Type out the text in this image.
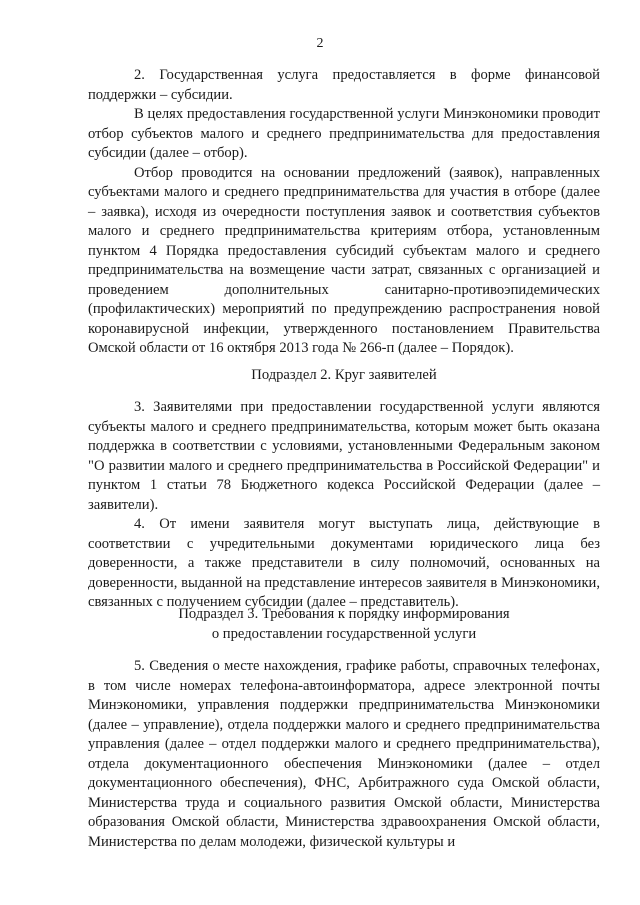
2

2. Государственная услуга предоставляется в форме финансовой поддержки – субсидии.

В целях предоставления государственной услуги Минэкономики проводит отбор субъектов малого и среднего предпринимательства для предоставления субсидии (далее – отбор).

Отбор проводится на основании предложений (заявок), направленных субъектами малого и среднего предпринимательства для участия в отборе (далее – заявка), исходя из очередности поступления заявок и соответствия субъектов малого и среднего предпринимательства критериям отбора, установленным пунктом 4 Порядка предоставления субсидий субъектам малого и среднего предпринимательства на возмещение части затрат, связанных с организацией и проведением дополнительных санитарно-противоэпидемических (профилактических) мероприятий по предупреждению распространения новой коронавирусной инфекции, утвержденного постановлением Правительства Омской области от 16 октября 2013 года № 266-п (далее – Порядок).

Подраздел 2. Круг заявителей

3. Заявителями при предоставлении государственной услуги являются субъекты малого и среднего предпринимательства, которым может быть оказана поддержка в соответствии с условиями, установленными Федеральным законом "О развитии малого и среднего предпринимательства в Российской Федерации" и пунктом 1 статьи 78 Бюджетного кодекса Российской Федерации (далее – заявители).

4. От имени заявителя могут выступать лица, действующие в соответствии с учредительными документами юридического лица без доверенности, а также представители в силу полномочий, основанных на доверенности, выданной на представление интересов заявителя в Минэкономики, связанных с получением субсидии (далее – представитель).

Подраздел 3. Требования к порядку информирования
о предоставлении государственной услуги

5. Сведения о месте нахождения, графике работы, справочных телефонах, в том числе номерах телефона-автоинформатора, адресе электронной почты Минэкономики, управления поддержки предпринимательства Минэкономики (далее – управление), отдела поддержки малого и среднего предпринимательства управления (далее – отдел поддержки малого и среднего предпринимательства), отдела документационного обеспечения Минэкономики (далее – отдел документационного обеспечения), ФНС, Арбитражного суда Омской области, Министерства труда и социального развития Омской области, Министерства образования Омской области, Министерства здравоохранения Омской области, Министерства по делам молодежи, физической культуры и
